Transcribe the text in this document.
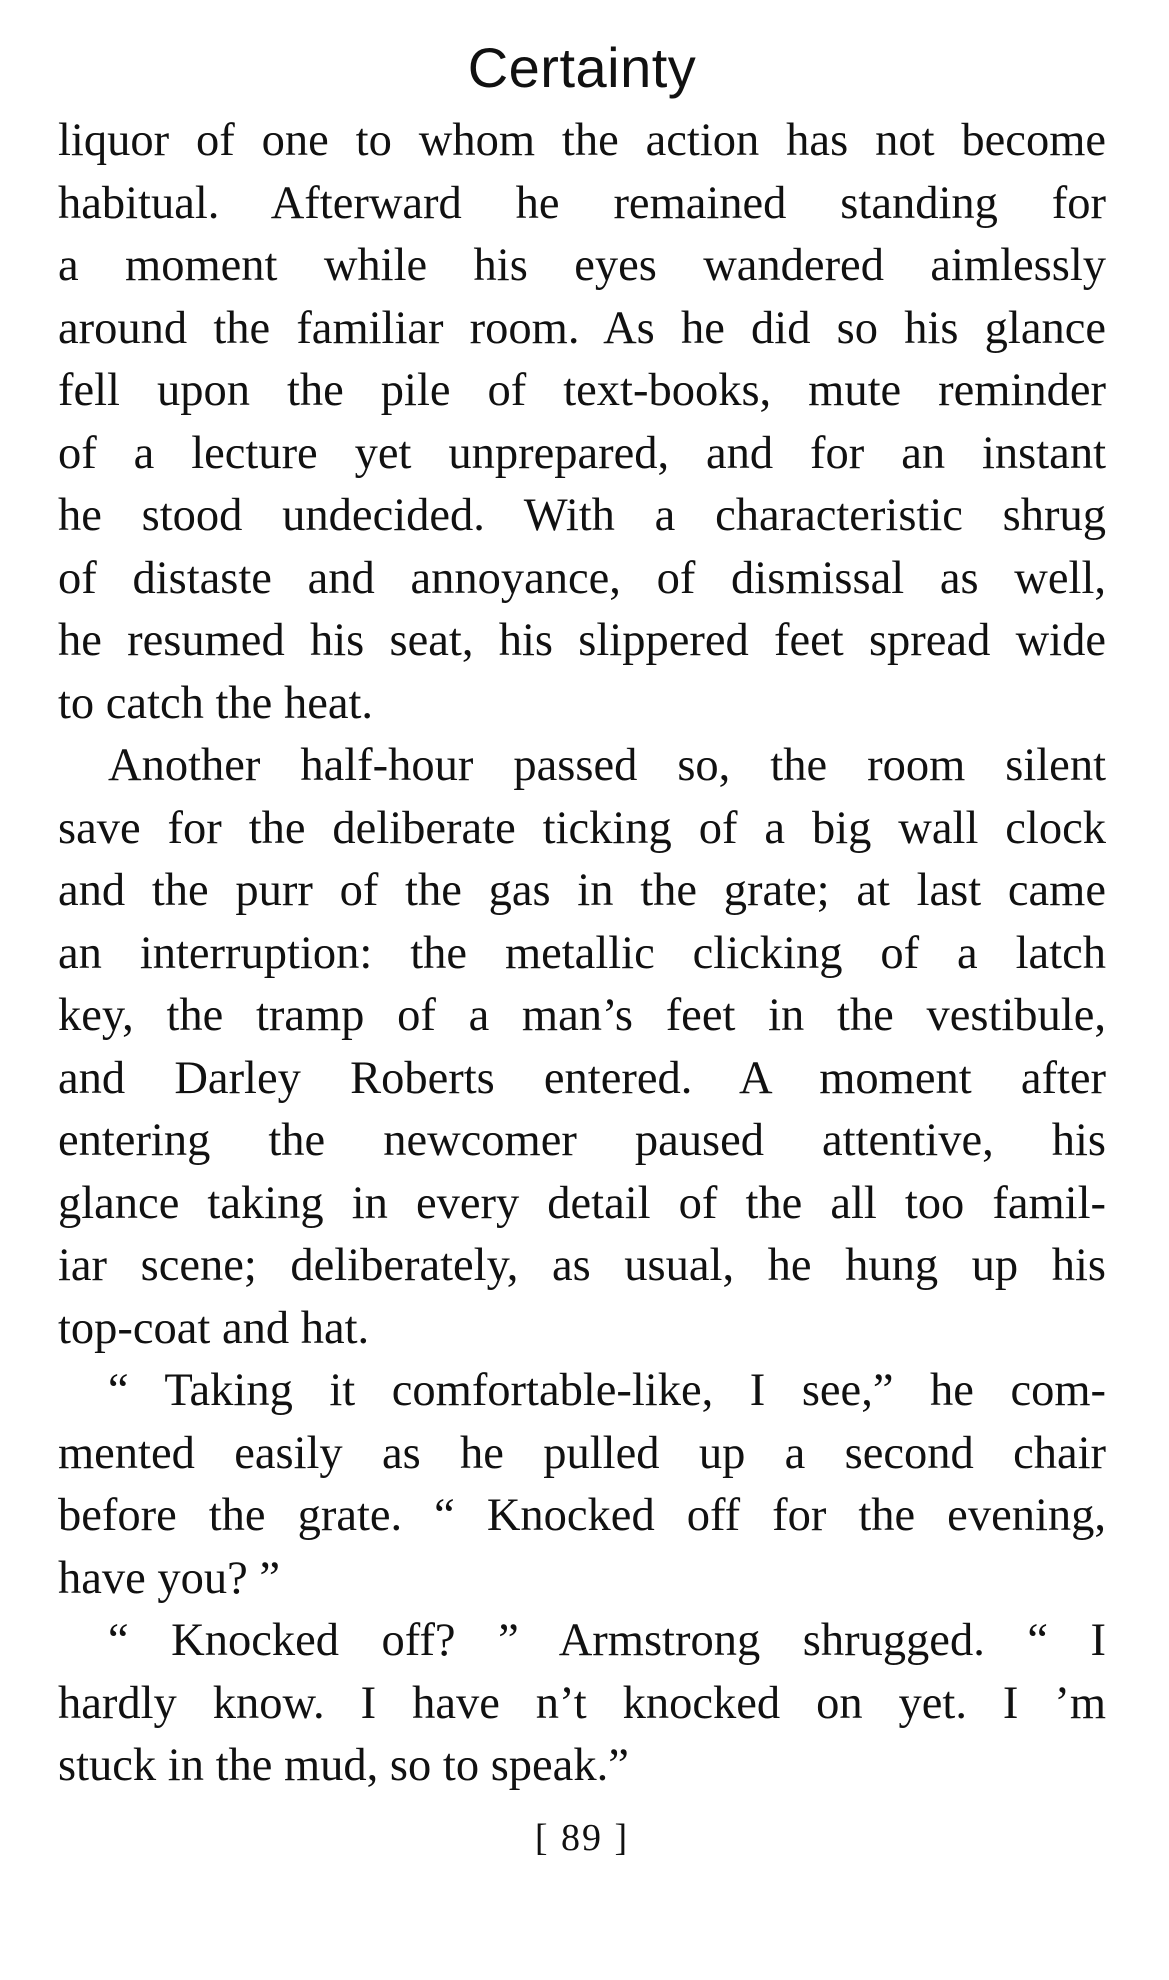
Certainty

liquor of one to whom the action has not become
habitual. Afterward he remained standing for
a moment while his eyes wandered aimlessly
around the familiar room. As he did so his glance
fell upon the pile of text-books, mute reminder
of a lecture yet unprepared, and for an instant
he stood undecided. With a characteristic shrug
of distaste and annoyance, of dismissal as well,
he resumed his seat, his slippered feet spread wide
to catch the heat.

Another half-hour passed so, the room silent
save for the deliberate ticking of a big wall clock
and the purr of the gas in the grate; at last came
an interruption: the metallic clicking of a latch
key, the tramp of a man’s feet in the vestibule,
and Darley Roberts entered. A moment after
entering the newcomer paused attentive, his
glance taking in every detail of the all too famil-
iar scene; deliberately, as usual, he hung up his
top-coat and hat.

“ Taking it comfortable-like, I see,” he com-
mented easily as he pulled up a second chair
before the grate. “ Knocked off for the evening,
have you? ”

“ Knocked off? ” Armstrong shrugged. “ I
hardly know. I have n’t knocked on yet. I ’m
stuck in the mud, so to speak.”

[ 89 ]
